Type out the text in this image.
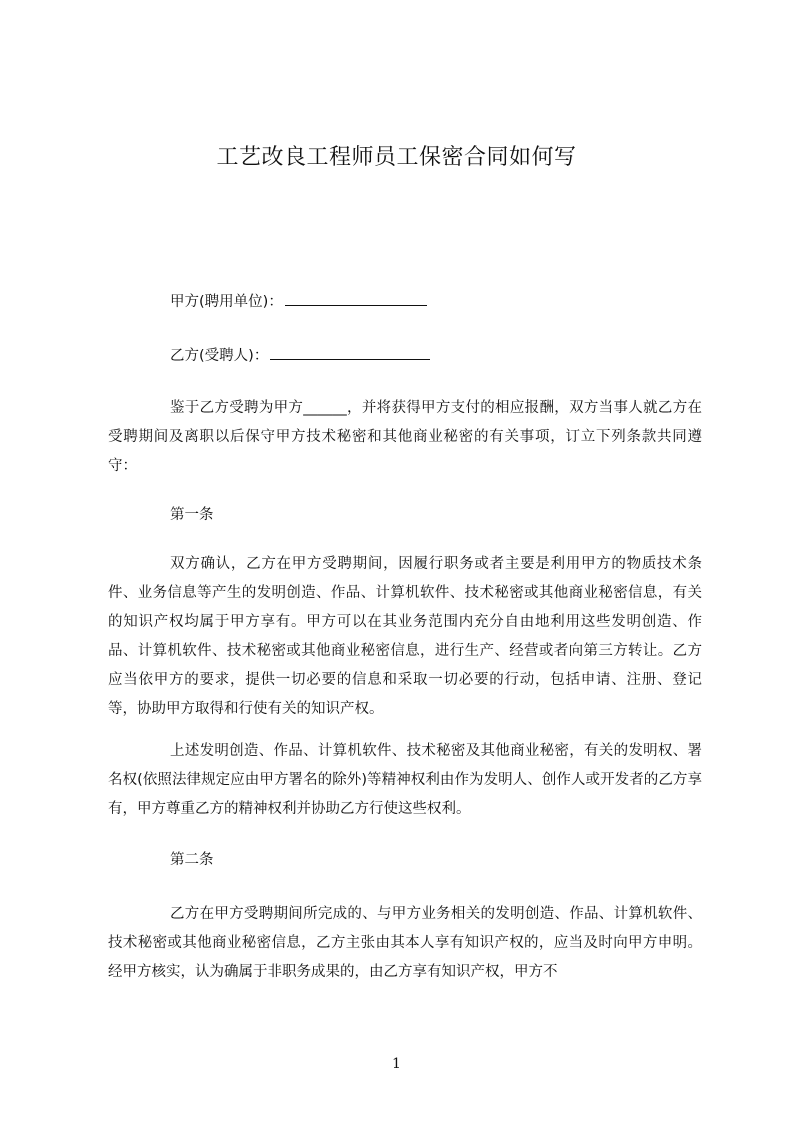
工艺改良工程师员工保密合同如何写
甲方(聘用单位)：
乙方(受聘人)：

鉴于乙方受聘为甲方______，并将获得甲方支付的相应报酬，双方当事人就乙方在受聘期间及离职以后保守甲方技术秘密和其他商业秘密的有关事项，订立下列条款共同遵守：

第一条

双方确认，乙方在甲方受聘期间，因履行职务或者主要是利用甲方的物质技术条件、业务信息等产生的发明创造、作品、计算机软件、技术秘密或其他商业秘密信息，有关的知识产权均属于甲方享有。甲方可以在其业务范围内充分自由地利用这些发明创造、作品、计算机软件、技术秘密或其他商业秘密信息，进行生产、经营或者向第三方转让。乙方应当依甲方的要求，提供一切必要的信息和采取一切必要的行动，包括申请、注册、登记等，协助甲方取得和行使有关的知识产权。

上述发明创造、作品、计算机软件、技术秘密及其他商业秘密，有关的发明权、署名权(依照法律规定应由甲方署名的除外)等精神权利由作为发明人、创作人或开发者的乙方享有，甲方尊重乙方的精神权利并协助乙方行使这些权利。

第二条

乙方在甲方受聘期间所完成的、与甲方业务相关的发明创造、作品、计算机软件、技术秘密或其他商业秘密信息，乙方主张由其本人享有知识产权的，应当及时向甲方申明。经甲方核实，认为确属于非职务成果的，由乙方享有知识产权，甲方不

1
